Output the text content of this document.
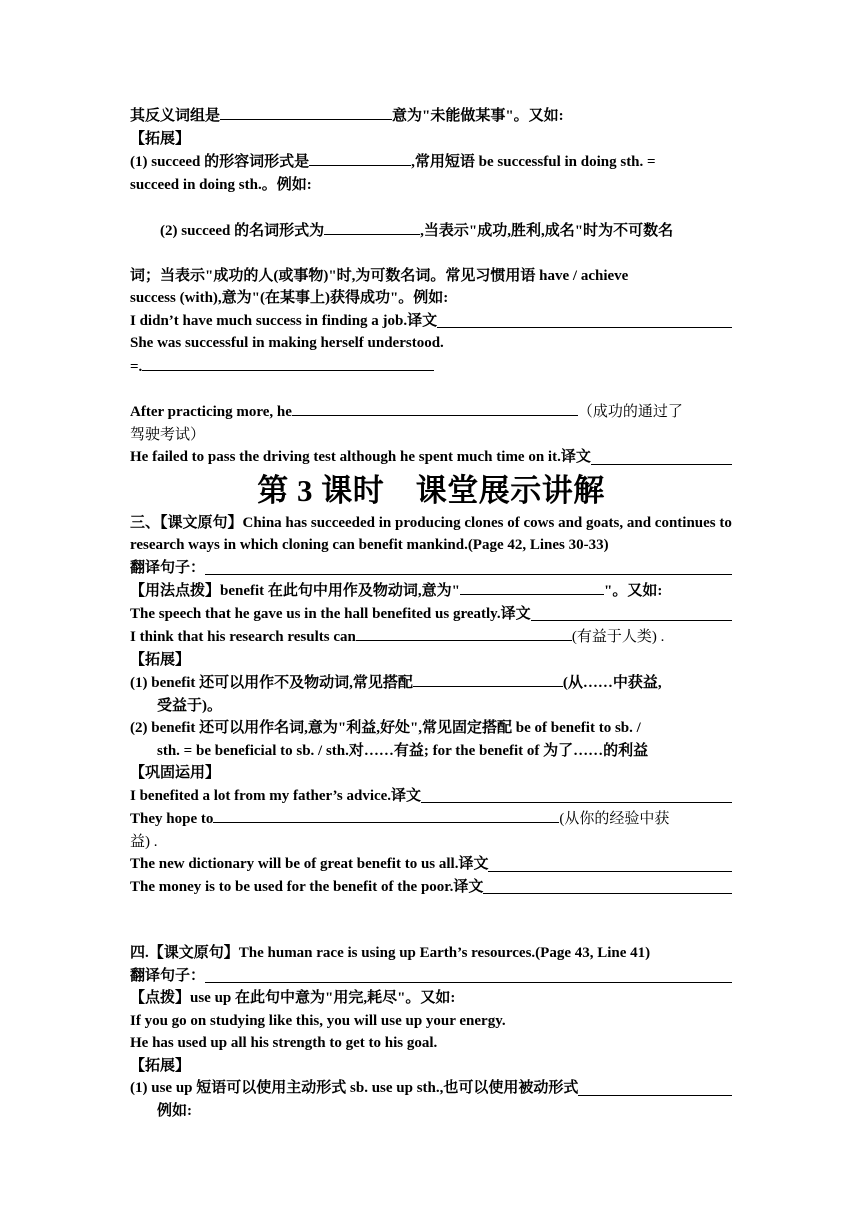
其反义词组是	意为"未能做某事"。又如:
【拓展】
(1) succeed 的形容词形式是	,常用短语 be successful in doing sth. =
succeed in doing sth.。例如:

(2) succeed 的名词形式为	,当表示"成功,胜利,成名"时为不可数名

词；当表示"成功的人(或事物)"时,为可数名词。常见习惯用语 have / achieve
success (with),意为"(在某事上)获得成功"。例如:
I didn’t have much success in finding a job.译文
She was successful in making herself understood.
=.
After practicing more, he	（成功的通过了
驾驶考试）
He failed to pass the driving test although he spent much time on it.译文
第 3 课时　课堂展示讲解
三、【课文原句】China has succeeded in producing clones of cows and goats, and continues to research ways in which cloning can benefit mankind.(Page 42, Lines 30-33)
翻译句子：
【用法点拨】benefit 在此句中用作及物动词,意为"	"。又如:
The speech that he gave us in the hall benefited us greatly.译文
I think that his research results can	(有益于人类) .
【拓展】
(1) benefit 还可以用作不及物动词,常见搭配	(从……中获益,
受益于)。
(2) benefit 还可以用作名词,意为"利益,好处",常见固定搭配 be of benefit to sb. /
sth. = be beneficial to sb. / sth.对……有益; for the benefit of 为了……的利益
【巩固运用】
I benefited a lot from my father’s advice.译文
They hope to	(从你的经验中获
益) .
The new dictionary will be of great benefit to us all.译文
The money is to be used for the benefit of the poor.译文
四.【课文原句】The human race is using up Earth’s resources.(Page 43, Line 41)
翻译句子：
【点拨】use up 在此句中意为"用完,耗尽"。又如:
If you go on studying like this, you will use up your energy.
He has used up all his strength to get to his goal.
【拓展】
(1) use up 短语可以使用主动形式 sb. use up sth.,也可以使用被动形式
例如:
